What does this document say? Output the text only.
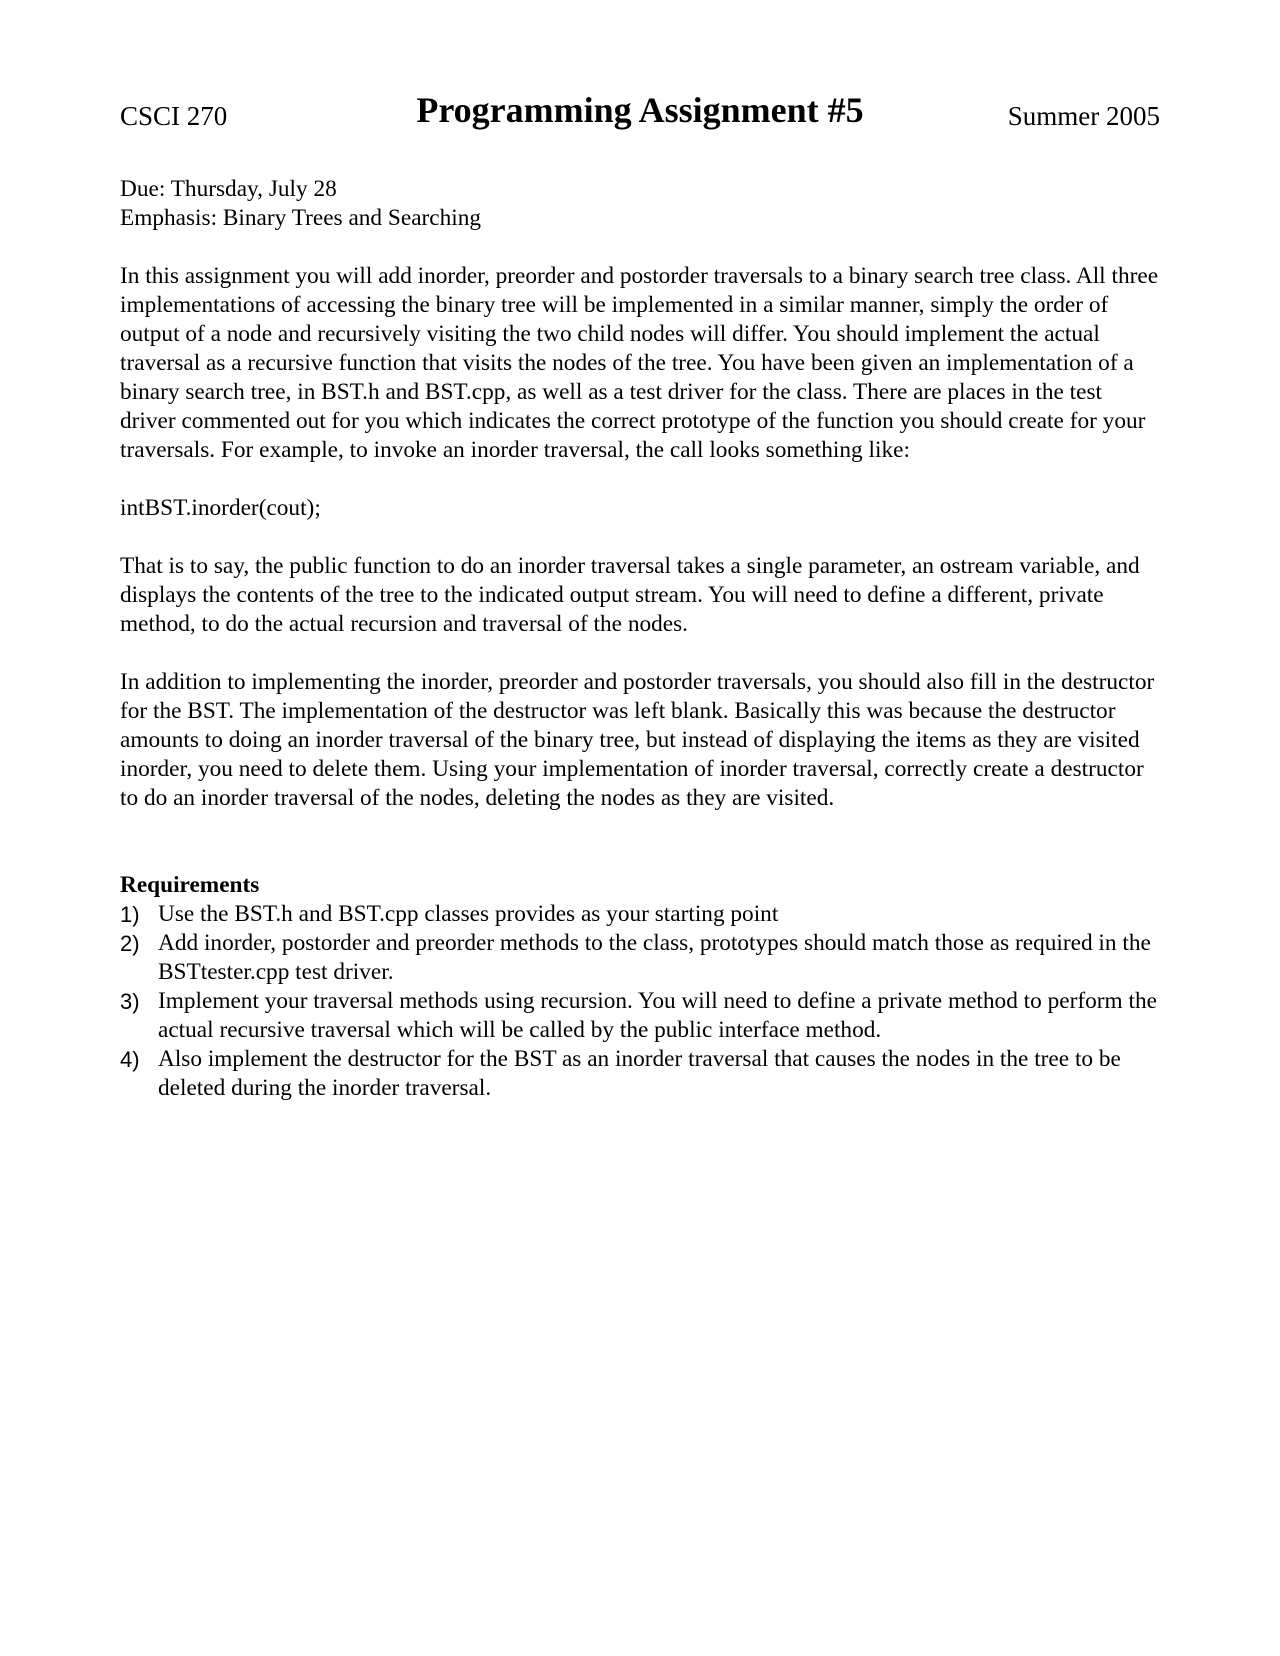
CSCI 270	Programming Assignment #5	Summer 2005

Due: Thursday, July 28

Emphasis: Binary Trees and Searching

In this assignment you will add inorder, preorder and postorder traversals to a binary search tree class. All three implementations of accessing the binary tree will be implemented in a similar manner, simply the order of output of a node and recursively visiting the two child nodes will differ. You should implement the actual traversal as a recursive function that visits the nodes of the tree. You have been given an implementation of a binary search tree, in BST.h and BST.cpp, as well as a test driver for the class. There are places in the test driver commented out for you which indicates the correct prototype of the function you should create for your traversals. For example, to invoke an inorder traversal, the call looks something like:

intBST.inorder(cout);

That is to say, the public function to do an inorder traversal takes a single parameter, an ostream variable, and displays the contents of the tree to the indicated output stream. You will need to define a different, private method, to do the actual recursion and traversal of the nodes.

In addition to implementing the inorder, preorder and postorder traversals, you should also fill in the destructor for the BST. The implementation of the destructor was left blank. Basically this was because the destructor amounts to doing an inorder traversal of the binary tree, but instead of displaying the items as they are visited inorder, you need to delete them. Using your implementation of inorder traversal, correctly create a destructor to do an inorder traversal of the nodes, deleting the nodes as they are visited.

Requirements

1) Use the BST.h and BST.cpp classes provides as your starting point
2) Add inorder, postorder and preorder methods to the class, prototypes should match those as required in the BSTtester.cpp test driver.
3) Implement your traversal methods using recursion. You will need to define a private method to perform the actual recursive traversal which will be called by the public interface method.
4) Also implement the destructor for the BST as an inorder traversal that causes the nodes in the tree to be deleted during the inorder traversal.
